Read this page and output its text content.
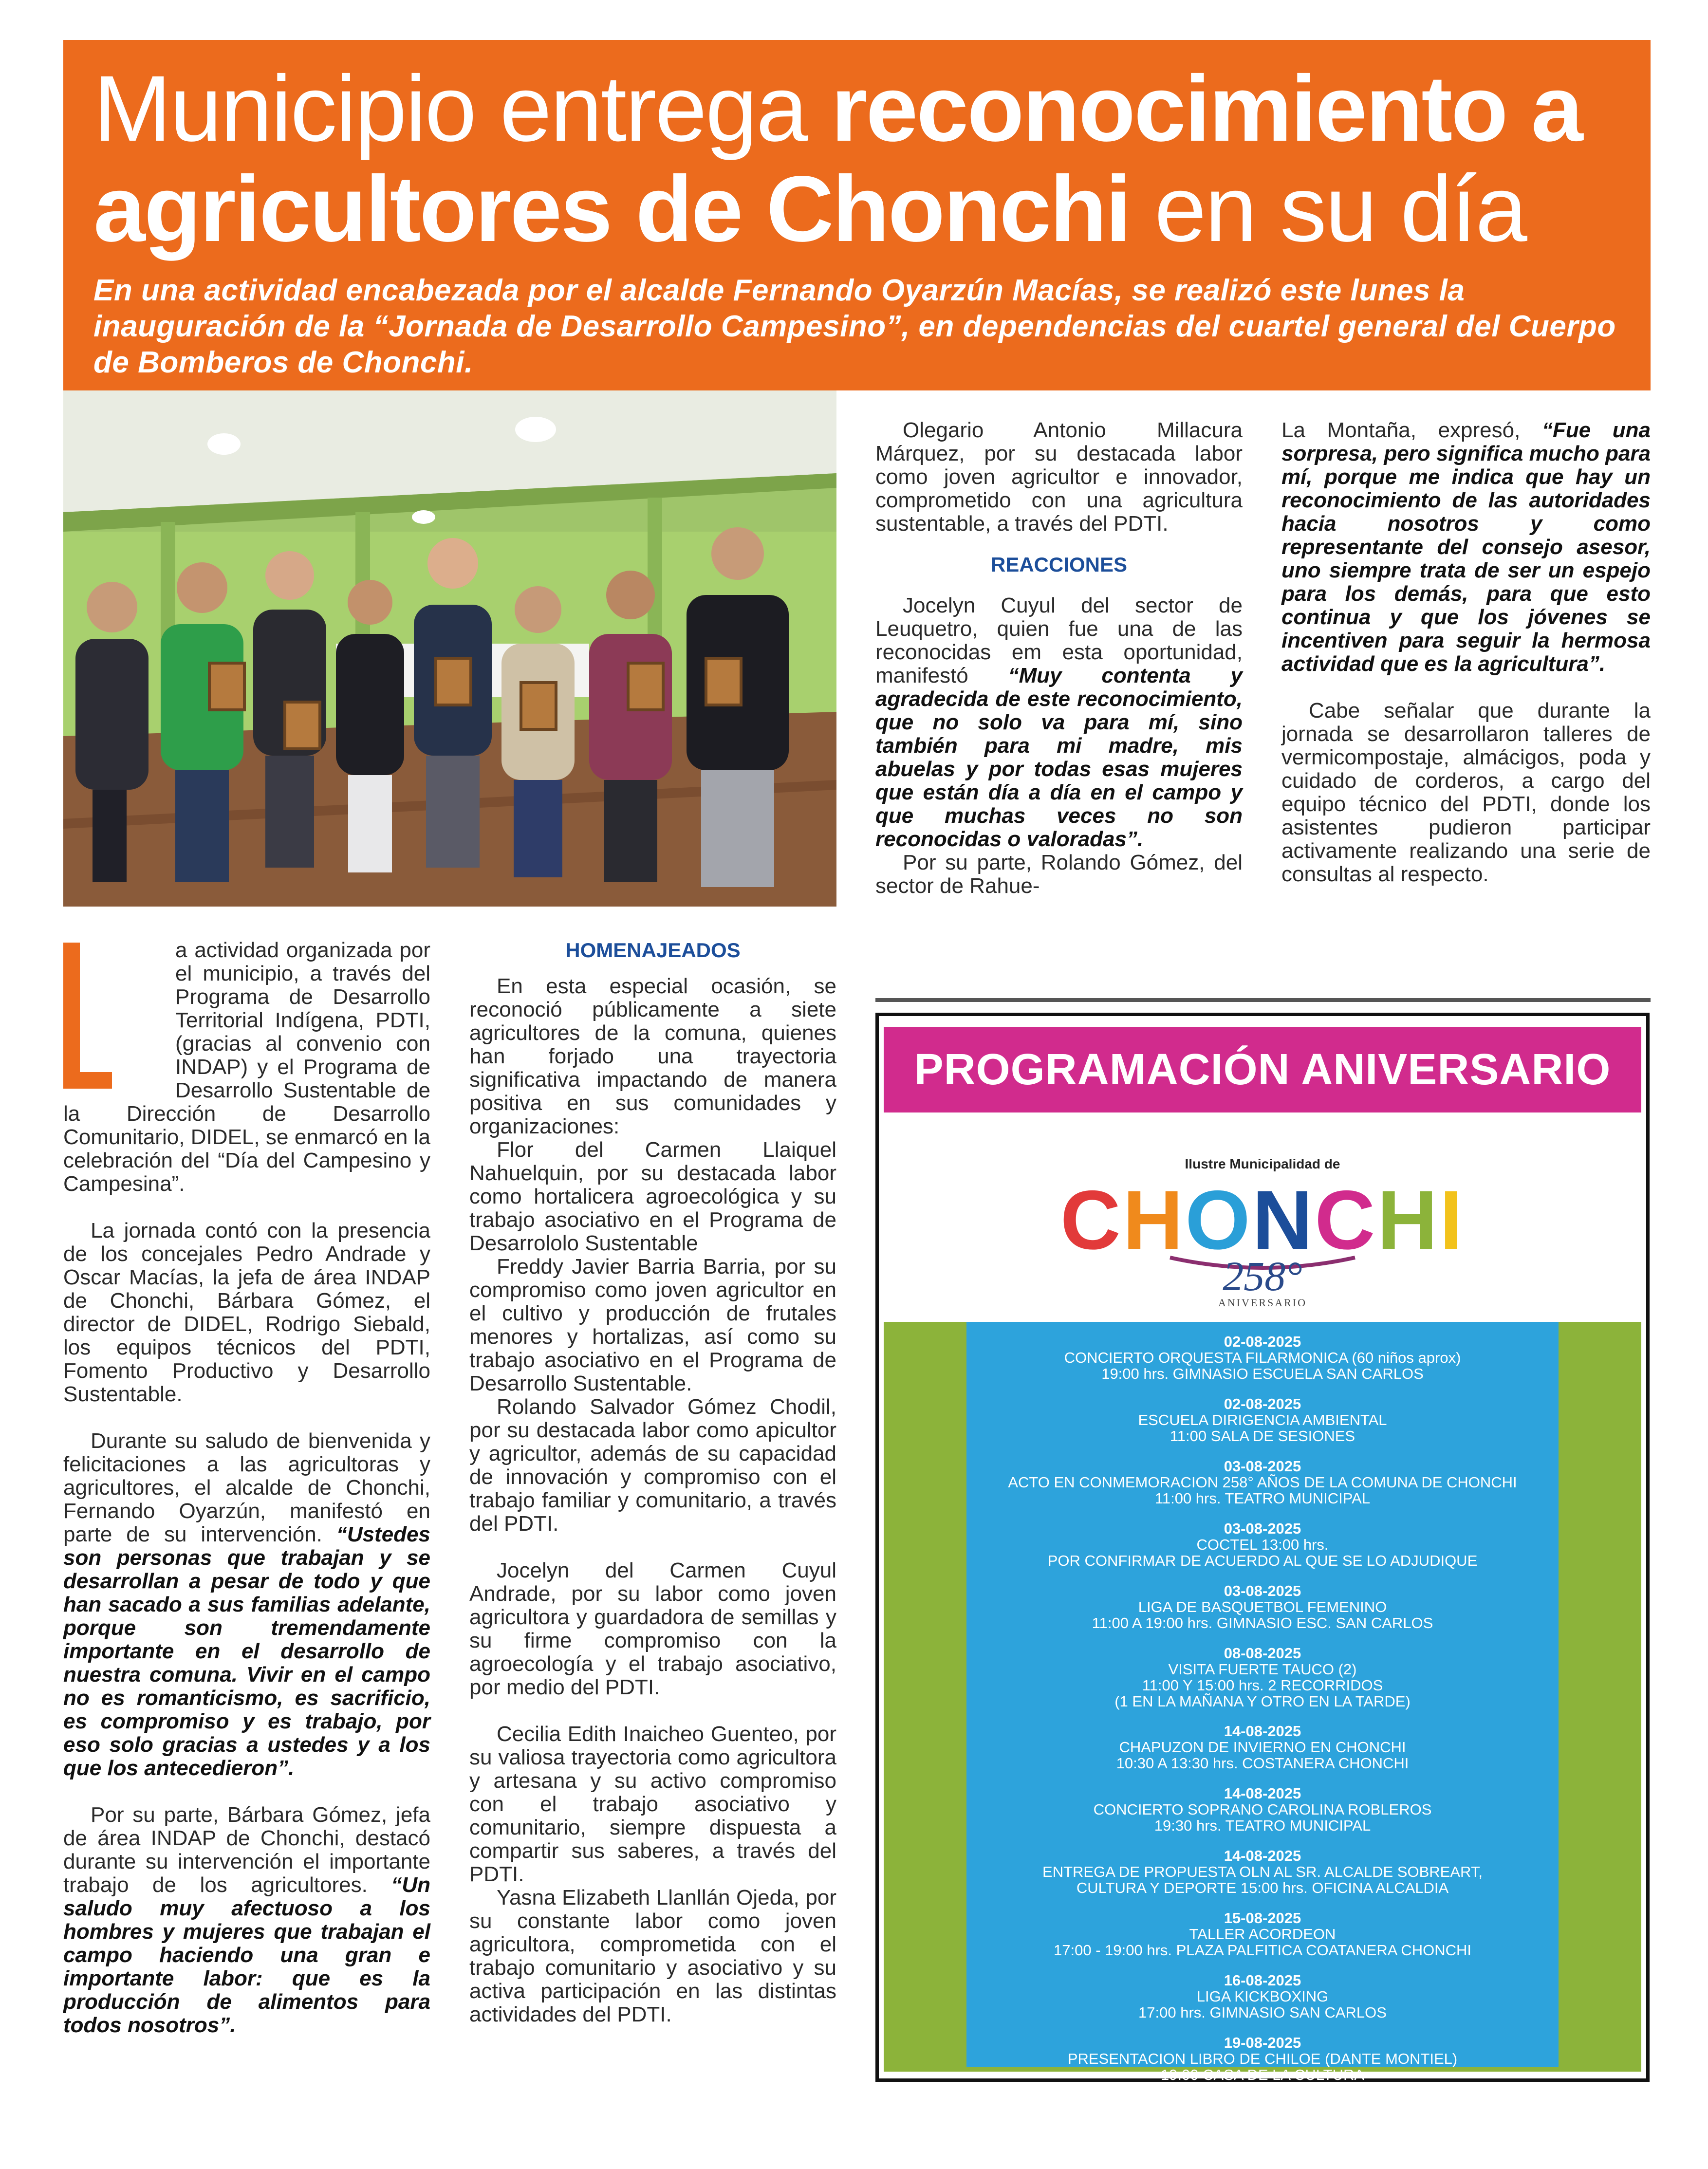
Municipio entrega reconocimiento a
agricultores de Chonchi en su día

En una actividad encabezada por el alcalde Fernando Oyarzún Macías, se realizó este lunes la inauguración de la “Jornada de Desarrollo Campesino”, en dependencias del cuartel general del Cuerpo de Bomberos de Chonchi.

a actividad organizada por el municipio, a través del Programa de Desarrollo Territorial Indígena, PDTI, (gracias al convenio con INDAP) y el Programa de Desarrollo Sustentable de la Dirección de Desarrollo Comunitario, DIDEL, se enmarcó en la celebración del “Día del Campesino y Campesina”.

La jornada contó con la presencia de los concejales Pedro Andrade y Oscar Macías, la jefa de área INDAP de Chonchi, Bárbara Gómez, el director de DIDEL, Rodrigo Siebald, los equipos técnicos del PDTI, Fomento Productivo y Desarrollo Sustentable.

Durante su saludo de bienvenida y felicitaciones a las agricultoras y agricultores, el alcalde de Chonchi, Fernando Oyarzún, manifestó en parte de su intervención. “Ustedes son personas que trabajan y se desarrollan a pesar de todo y que han sacado a sus familias adelante, porque son tremendamente importante en el desarrollo de nuestra comuna. Vivir en el campo no es romanticismo, es sacrificio, es compromiso y es trabajo, por eso solo gracias a ustedes y a los que los antecedieron”.

Por su parte, Bárbara Gómez, jefa de área INDAP de Chonchi, destacó durante su intervención el importante trabajo de los agricultores. “Un saludo muy afectuoso a los hombres y mujeres que trabajan el campo haciendo una gran e importante labor: que es la producción de alimentos para todos nosotros”.

HOMENAJEADOS

En esta especial ocasión, se reconoció públicamente a siete agricultores de la comuna, quienes han forjado una trayectoria significativa impactando de manera positiva en sus comunidades y organizaciones:

Flor del Carmen Llaiquel Nahuelquin, por su destacada labor como hortalicera agroecológica y su trabajo asociativo en el Programa de Desarrololo Sustentable

Freddy Javier Barria Barria, por su compromiso como joven agricultor en el cultivo y producción de frutales menores y hortalizas, así como su trabajo asociativo en el Programa de Desarrollo Sustentable.

Rolando Salvador Gómez Chodil, por su destacada labor como apicultor y agricultor, además de su capacidad de innovación y compromiso con el trabajo familiar y comunitario, a través del PDTI.

Jocelyn del Carmen Cuyul Andrade, por su labor como joven agricultora y guardadora de semillas y su firme compromiso con la agroecología y el trabajo asociativo, por medio del PDTI.

Cecilia Edith Inaicheo Guenteo, por su valiosa trayectoria como agricultora y artesana y su activo compromiso con el trabajo asociativo y comunitario, siempre dispuesta a compartir sus saberes, a través del PDTI.

Yasna Elizabeth Llanllán Ojeda, por su constante labor como joven agricultora, comprometida con el trabajo comunitario y asociativo y su activa participación en las distintas actividades del PDTI.

Olegario Antonio Millacura Márquez, por su destacada labor como joven agricultor e innovador, comprometido con una agricultura sustentable, a través del PDTI.

REACCIONES

Jocelyn Cuyul del sector de Leuquetro, quien fue una de las reconocidas em esta oportunidad, manifestó “Muy contenta y agradecida de este reconocimiento, que no solo va para mí, sino también para mi madre, mis abuelas y por todas esas mujeres que están día a día en el campo y que muchas veces no son reconocidas o valoradas”.

Por su parte, Rolando Gómez, del sector de Rahue-

La Montaña, expresó, “Fue una sorpresa, pero significa mucho para mí, porque me indica que hay un reconocimiento de las autoridades hacia nosotros y como representante del consejo asesor, uno siempre trata de ser un espejo para los demás, para que esto continua y que los jóvenes se incentiven para seguir la hermosa actividad que es la agricultura”.

Cabe señalar que durante la jornada se desarrollaron talleres de vermicompostaje, almácigos, poda y cuidado de corderos, a cargo del equipo técnico del PDTI, donde los asistentes pudieron participar activamente realizando una serie de consultas al respecto.

PROGRAMACIÓN ANIVERSARIO
Ilustre Municipalidad de
CHONCHI
258°
ANIVERSARIO
02-08-2025
CONCIERTO ORQUESTA FILARMONICA (60 niños aprox)
19:00 hrs. GIMNASIO ESCUELA SAN CARLOS
02-08-2025
ESCUELA DIRIGENCIA AMBIENTAL
11:00 SALA DE SESIONES
03-08-2025
ACTO EN CONMEMORACION 258° AÑOS DE LA COMUNA DE CHONCHI
11:00 hrs. TEATRO MUNICIPAL
03-08-2025
COCTEL 13:00 hrs.
POR CONFIRMAR DE ACUERDO AL QUE SE LO ADJUDIQUE
03-08-2025
LIGA DE BASQUETBOL FEMENINO
11:00 A 19:00 hrs. GIMNASIO ESC. SAN CARLOS
08-08-2025
VISITA FUERTE TAUCO (2)
11:00 Y 15:00 hrs. 2 RECORRIDOS
(1 EN LA MAÑANA Y OTRO EN LA TARDE)
14-08-2025
CHAPUZON DE INVIERNO EN CHONCHI
10:30 A 13:30 hrs. COSTANERA CHONCHI
14-08-2025
CONCIERTO SOPRANO CAROLINA ROBLEROS
19:30 hrs. TEATRO MUNICIPAL
14-08-2025
ENTREGA DE PROPUESTA OLN AL SR. ALCALDE SOBREART,
CULTURA Y DEPORTE 15:00 hrs. OFICINA ALCALDIA
15-08-2025
TALLER ACORDEON
17:00 - 19:00 hrs. PLAZA PALFITICA COATANERA CHONCHI
16-08-2025
LIGA KICKBOXING
17:00 hrs. GIMNASIO SAN CARLOS
19-08-2025
PRESENTACION LIBRO DE CHILOE (DANTE MONTIEL)
19:00 CASA DE LA CULTURA
